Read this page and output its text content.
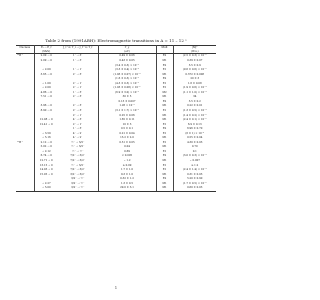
Table 2 from (1991ABH): Electromagnetic transitions in A = 11 – 12 ᵃ
Nucleus	Eᵢ → E_f	J_i^π; T_i → J_f^π; T_f	Γ_γ	Mult	|M|²
	(MeV)		(eV)		(W.u.)
¹⁰B ᵃ	2.09 → 0	1⁺ → 3⁺	0.49 ± 0.06	E2	(2.5 ± 0.3) × 10⁻²
	2.09 → 0	1⁺ → 3⁺	0.43 ± 0.05	M1	0.39 ± 0.07
			(3.4 ± 0.3) × 10⁻²	E2	3.5 ± 0.9
	→ 2.09	1⁺ → 1⁺	(3.3 ± 0.4) × 10⁻³	E1	(9.6 ± 0.6) × 10⁻²
	3.65 → 0	2⁻ → 3⁺	(1.93 ± 0.07) × 10⁻³	M1	0.372 ± 0.008
			(1.6 ± 0.3) × 10⁻²	E2	20 ± 3
	→ 1.09	2⁺ → 1⁺	(4.3 ± 0.3) × 10⁻²	E1	1.6 ± 0.08
	→ 2.09	2⁺ → 1⁺	(1.03 ± 0.08) × 10⁻²	E1	(1.9 ± 0.6) × 10⁻³
	4.86 → 0	1⁺ → 3⁺	(6.9 ± 3.0) × 10⁻²	M2	(1.1 ± 1.0) × 10⁻³
	7.51 → 0	2⁺ → 3⁺	30 ± 5	M1	34
			0.13 ± 0.007	E2	3.5 ± 0.2
	3.96 → 0	2⁺ → 3⁺	1.26 × 10⁻²	M1	0.22 ± 0.01
	8.90 → 0	2⁻ → 3⁺	(3.1 ± 1.7) × 10⁻²	E1	(1.3 ± 0.5) × 10⁻³
		2⁻ → 1⁺	0.25 ± 0.06	M1	(1.4 ± 0.2) × 10⁻²
	12.08 → 0	4⁻ → 3⁺	1.65 ± 0.11	M1	(2.4 ± 0.1) × 10⁻²
	12.41 → 0	2⁺ → 1⁺	10 ± 3	E1	6.9 ± 0.13
		1⁺ → 3⁺	0.5 ± 0.1	E2	6.96 ± 0.70
	→ 3.59	4⁻ → 2⁺	0.21 ± 0.04	E1	(6 ± 1) × 10⁻³
	→ 5.16	4⁺ → 2⁺	13.2 ± 2.0	M1	0.55 ± 0.04
¹¹B ᵃ	2.12 → 0	½⁻ → 3/2⁻	0.51 ± 0.05	E1	4.30 ± 0.03
	5.02 → 0	½⁺ → 3/2⁻	0.04	M1	0.70
	→ 2.12	½⁺ → ½⁻	0.69	E1	0.1
	6.74 → 0	7/2⁻ → 3/2⁻	< 0.005	E2	(3.0 ± 0.3) × 10⁻³
	12.71 → 0	7/2⁻ → 3/2⁻	~ 1.2	M1	~ 0.007
	13.15 → 0	½⁻ → 3/2⁻	≥ 0.09	E1	≥ 1.2
	14.03 → 0	7/2⁻ → 3/2⁻	1.7 ± 1.0	E1	(2.4 ± 1.4) × 10⁻³
	15.05 → 0	3/2⁻ → 3/2⁻	9.3 ± 1.0	M1	0.31 ± 0.03
		3/2⁻ → ½⁻	0.32 ± 1.2	E2	5.20 ± 0.90
	→ 2.27	3/2⁻ → ½⁻	1.3 ± 0.5	M1	(1.7 ± 0.5) × 10⁻²
	→ 5.00	3/2⁻ → ½⁻	29.0 ± 3.1	M1	0.60 ± 0.03
1
